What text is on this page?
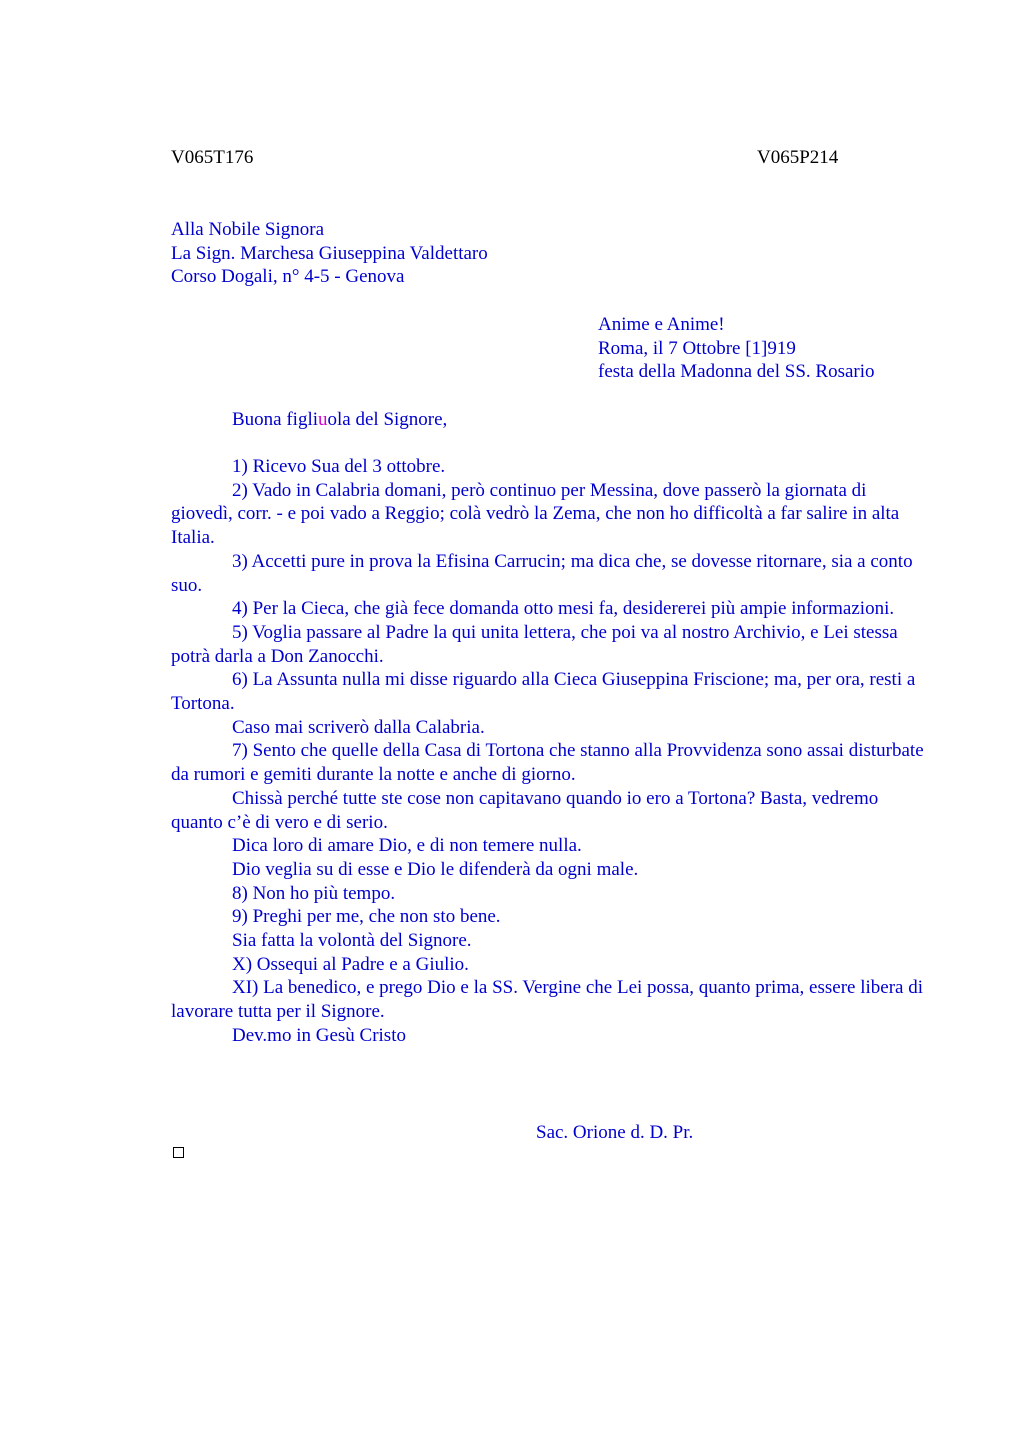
V065T176	V065P214
Alla Nobile Signora
La Sign. Marchesa Giuseppina Valdettaro
Corso Dogali, n° 4-5 - Genova
Anime e Anime!
Roma, il 7 Ottobre [1]919
festa della Madonna del SS. Rosario
Buona figliuola del Signore,

1) Ricevo Sua del 3 ottobre.

2) Vado in Calabria domani, però continuo per Messina, dove passerò la giornata di giovedì, corr. - e poi vado a Reggio; colà vedrò la Zema, che non ho difficoltà a far salire in alta Italia.

3) Accetti pure in prova la Efisina Carrucin; ma dica che, se dovesse ritornare, sia a conto suo.

4) Per la Cieca, che già fece domanda otto mesi fa, desidererei più ampie informazioni.

5) Voglia passare al Padre la qui unita lettera, che poi va al nostro Archivio, e Lei stessa potrà darla a Don Zanocchi.

6) La Assunta nulla mi disse riguardo alla Cieca Giuseppina Friscione; ma, per ora, resti a Tortona.

Caso mai scriverò dalla Calabria.

7) Sento che quelle della Casa di Tortona che stanno alla Provvidenza sono assai disturbate da rumori e gemiti durante la notte e anche di giorno.

Chissà perché tutte ste cose non capitavano quando io ero a Tortona? Basta, vedremo quanto c’è di vero e di serio.

Dica loro di amare Dio, e di non temere nulla.

Dio veglia su di esse e Dio le difenderà da ogni male.

8) Non ho più tempo.

9) Preghi per me, che non sto bene.

Sia fatta la volontà del Signore.

X) Ossequi al Padre e a Giulio.

XI) La benedico, e prego Dio e la SS. Vergine che Lei possa, quanto prima, essere libera di lavorare tutta per il Signore.

Dev.mo in Gesù Cristo

Sac. Orione d. D. Pr.
